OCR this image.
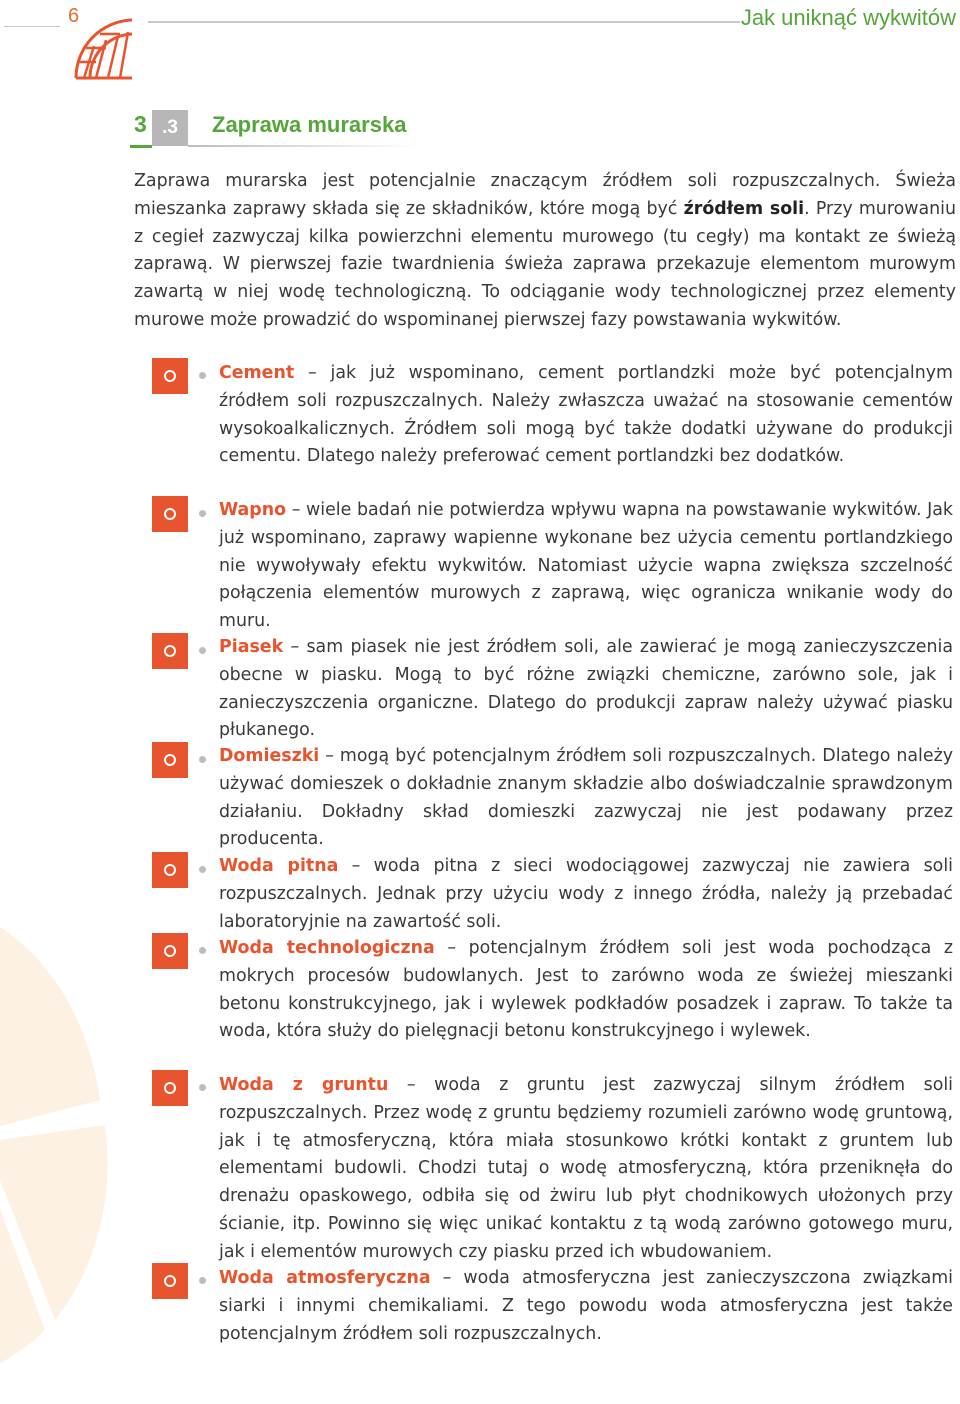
6	Jak uniknąć wykwitów
3 .3	Zaprawa murarska

Zaprawa murarska jest potencjalnie znaczącym źródłem soli rozpuszczalnych. Świeża mieszanka zaprawy składa się ze składników, które mogą być źródłem soli. Przy murowaniu z cegieł zazwyczaj kilka powierzchni elementu murowego (tu cegły) ma kontakt ze świeżą zaprawą. W pierwszej fazie twardnienia świeża zaprawa przekazuje elementom murowym zawartą w niej wodę technologiczną. To odciąganie wody technologicznej przez elementy murowe może prowadzić do wspominanej pierwszej fazy powstawania wykwitów.

Cement – jak już wspominano, cement portlandzki może być potencjalnym źródłem soli rozpuszczalnych. Należy zwłaszcza uważać na stosowanie cementów wysokoalkalicznych. Źródłem soli mogą być także dodatki używane do produkcji cementu. Dlatego należy preferować cement portlandzki bez dodatków.

Wapno – wiele badań nie potwierdza wpływu wapna na powstawanie wykwitów. Jak już wspominano, zaprawy wapienne wykonane bez użycia cementu portlandzkiego nie wywoływały efektu wykwitów. Natomiast użycie wapna zwiększa szczelność połączenia elementów murowych z zaprawą, więc ogranicza wnikanie wody do muru.

Piasek – sam piasek nie jest źródłem soli, ale zawierać je mogą zanieczyszczenia obecne w piasku. Mogą to być różne związki chemiczne, zarówno sole, jak i zanieczyszczenia organiczne. Dlatego do produkcji zapraw należy używać piasku płukanego.

Domieszki – mogą być potencjalnym źródłem soli rozpuszczalnych. Dlatego należy używać domieszek o dokładnie znanym składzie albo doświadczalnie sprawdzonym działaniu. Dokładny skład domieszki zazwyczaj nie jest podawany przez producenta.

Woda pitna – woda pitna z sieci wodociągowej zazwyczaj nie zawiera soli rozpuszczalnych. Jednak przy użyciu wody z innego źródła, należy ją przebadać laboratoryjnie na zawartość soli.

Woda technologiczna – potencjalnym źródłem soli jest woda pochodząca z mokrych procesów budowlanych. Jest to zarówno woda ze świeżej mieszanki betonu konstrukcyjnego, jak i wylewek podkładów posadzek i zapraw. To także ta woda, która służy do pielęgnacji betonu konstrukcyjnego i wylewek.

Woda z gruntu – woda z gruntu jest zazwyczaj silnym źródłem soli rozpuszczalnych. Przez wodę z gruntu będziemy rozumieli zarówno wodę gruntową, jak i tę atmosferyczną, która miała stosunkowo krótki kontakt z gruntem lub elementami budowli. Chodzi tutaj o wodę atmosferyczną, która przeniknęła do drenażu opaskowego, odbiła się od żwiru lub płyt chodnikowych ułożonych przy ścianie, itp. Powinno się więc unikać kontaktu z tą wodą zarówno gotowego muru, jak i elementów murowych czy piasku przed ich wbudowaniem.

Woda atmosferyczna – woda atmosferyczna jest zanieczyszczona związkami siarki i innymi chemikaliami. Z tego powodu woda atmosferyczna jest także potencjalnym źródłem soli rozpuszczalnych.
